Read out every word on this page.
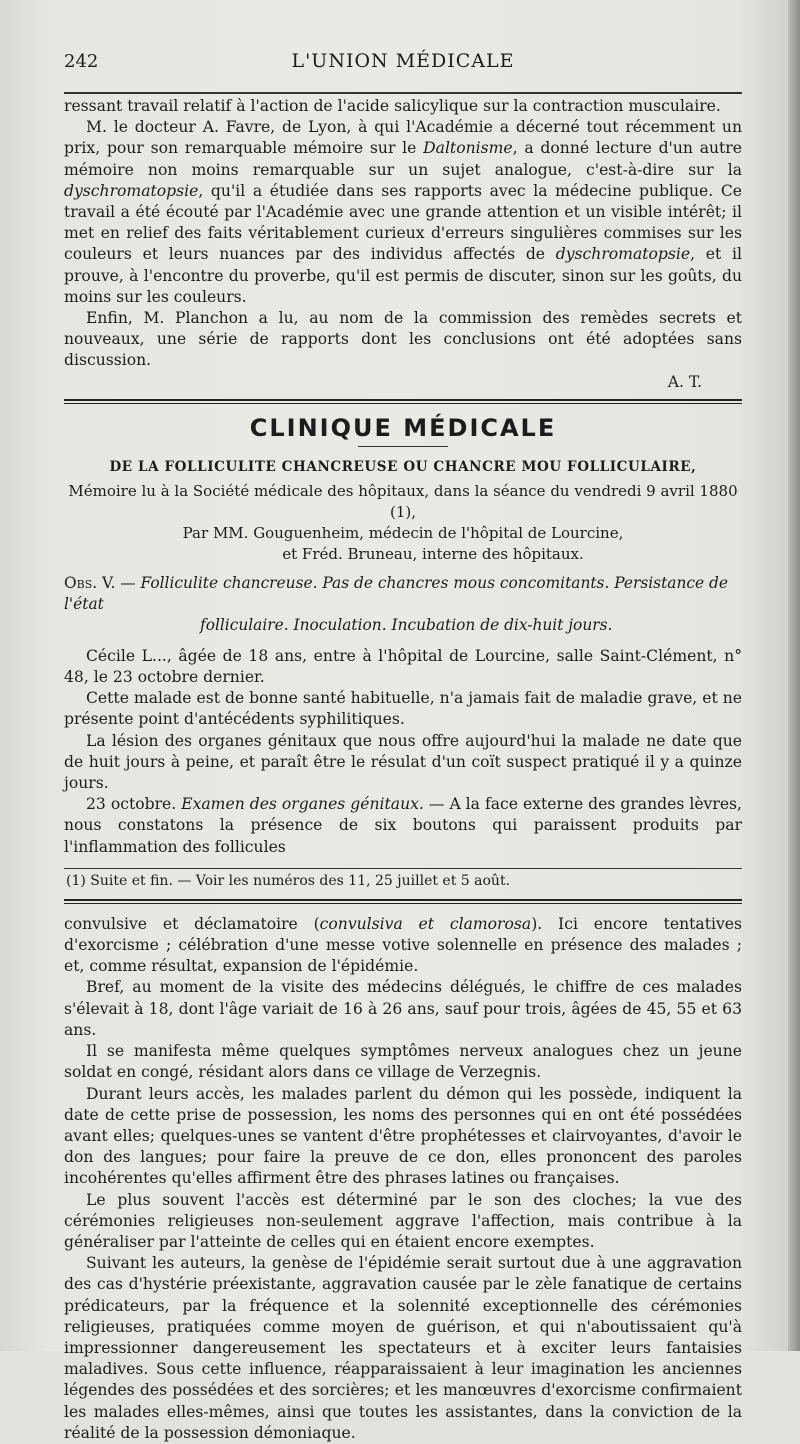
242	L'UNION MÉDICALE

ressant travail relatif à l'action de l'acide salicylique sur la contraction musculaire.

M. le docteur A. Favre, de Lyon, à qui l'Académie a décerné tout récemment un prix, pour son remarquable mémoire sur le Daltonisme, a donné lecture d'un autre mémoire non moins remarquable sur un sujet analogue, c'est-à-dire sur la dyschromatopsie, qu'il a étudiée dans ses rapports avec la médecine publique. Ce travail a été écouté par l'Académie avec une grande attention et un visible intérêt; il met en relief des faits véritablement curieux d'erreurs singulières commises sur les couleurs et leurs nuances par des individus affectés de dyschromatopsie, et il prouve, à l'encontre du proverbe, qu'il est permis de discuter, sinon sur les goûts, du moins sur les couleurs.

Enfin, M. Planchon a lu, au nom de la commission des remèdes secrets et nouveaux, une série de rapports dont les conclusions ont été adoptées sans discussion.

A. T.

CLINIQUE MÉDICALE
DE LA FOLLICULITE CHANCREUSE OU CHANCRE MOU FOLLICULAIRE,
Mémoire lu à la Société médicale des hôpitaux, dans la séance du vendredi 9 avril 1880 (1),
Par MM. Gouguenheim, médecin de l'hôpital de Lourcine,
et Fréd. Bruneau, interne des hôpitaux.
Obs. V. — Folliculite chancreuse. Pas de chancres mous concomitants. Persistance de l'état
folliculaire. Inoculation. Incubation de dix-huit jours.

Cécile L..., âgée de 18 ans, entre à l'hôpital de Lourcine, salle Saint-Clément, n° 48, le 23 octobre dernier.

Cette malade est de bonne santé habituelle, n'a jamais fait de maladie grave, et ne présente point d'antécédents syphilitiques.

La lésion des organes génitaux que nous offre aujourd'hui la malade ne date que de huit jours à peine, et paraît être le résulat d'un coït suspect pratiqué il y a quinze jours.

23 octobre. Examen des organes génitaux. — A la face externe des grandes lèvres, nous constatons la présence de six boutons qui paraissent produits par l'inflammation des follicules

(1) Suite et fin. — Voir les numéros des 11, 25 juillet et 5 août.

convulsive et déclamatoire (convulsiva et clamorosa). Ici encore tentatives d'exorcisme ; célébration d'une messe votive solennelle en présence des malades ; et, comme résultat, expansion de l'épidémie.

Bref, au moment de la visite des médecins délégués, le chiffre de ces malades s'élevait à 18, dont l'âge variait de 16 à 26 ans, sauf pour trois, âgées de 45, 55 et 63 ans.

Il se manifesta même quelques symptômes nerveux analogues chez un jeune soldat en congé, résidant alors dans ce village de Verzegnis.

Durant leurs accès, les malades parlent du démon qui les possède, indiquent la date de cette prise de possession, les noms des personnes qui en ont été possédées avant elles; quelques-unes se vantent d'être prophétesses et clairvoyantes, d'avoir le don des langues; pour faire la preuve de ce don, elles prononcent des paroles incohérentes qu'elles affirment être des phrases latines ou françaises.

Le plus souvent l'accès est déterminé par le son des cloches; la vue des cérémonies religieuses non-seulement aggrave l'affection, mais contribue à la généraliser par l'atteinte de celles qui en étaient encore exemptes.

Suivant les auteurs, la genèse de l'épidémie serait surtout due à une aggravation des cas d'hystérie préexistante, aggravation causée par le zèle fanatique de certains prédicateurs, par la fréquence et la solennité exceptionnelle des cérémonies religieuses, pratiquées comme moyen de guérison, et qui n'aboutissaient qu'à impressionner dangereusement les spectateurs et à exciter leurs fantaisies maladives. Sous cette influence, réapparaissaient à leur imagination les anciennes légendes des possédées et des sorcières; et les manœuvres d'exorcisme confirmaient les malades elles-mêmes, ainsi que toutes les assistantes, dans la conviction de la réalité de la possession démoniaque.
